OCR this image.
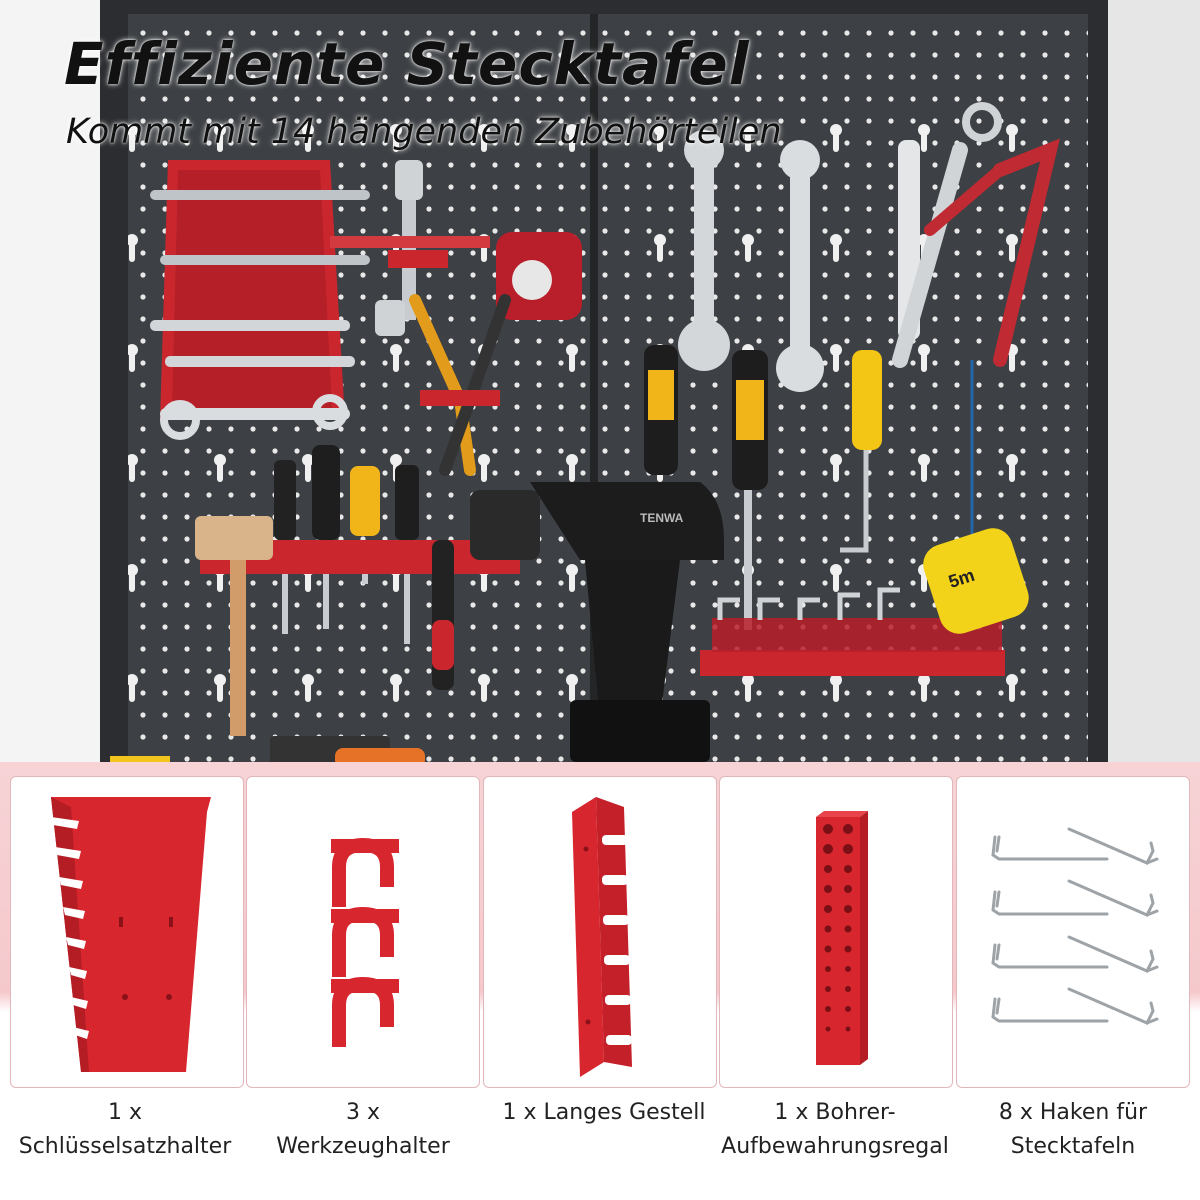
TENWA
5m
Effiziente Stecktafel

Kommt mit 14 hängenden Zubehörteilen

1 x
Schlüsselsatzhalter
3 x
Werkzeughalter
1 x Langes Gestell	1 x Bohrer-
Aufbewahrungsregal
8 x Haken für
Stecktafeln
